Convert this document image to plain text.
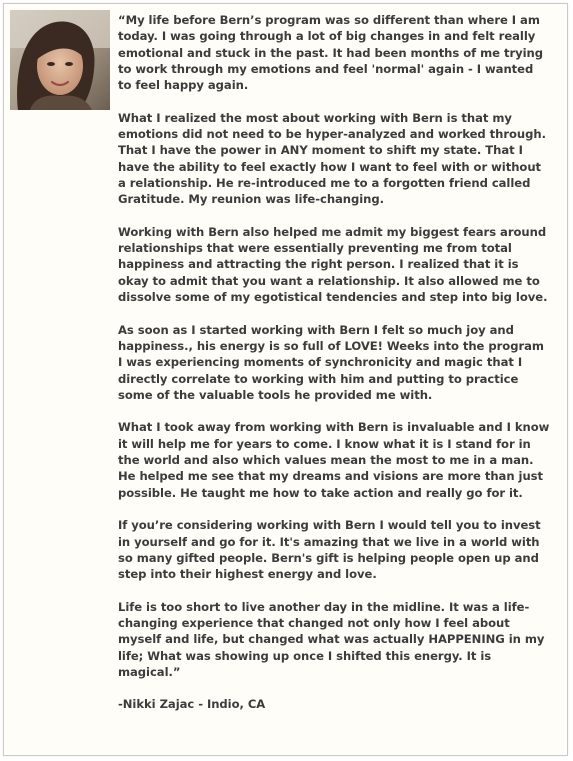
“My life before Bern’s program was so different than where I am today. I was going through a lot of big changes in and felt really emotional and stuck in the past. It had been months of me trying to work through my emotions and feel 'normal' again - I wanted to feel happy again.

What I realized the most about working with Bern is that my emotions did not need to be hyper-analyzed and worked through. That I have the power in ANY moment to shift my state. That I have the ability to feel exactly how I want to feel with or without a relationship. He re-introduced me to a forgotten friend called Gratitude. My reunion was life-changing.

Working with Bern also helped me admit my biggest fears around relationships that were essentially preventing me from total happiness and attracting the right person. I realized that it is okay to admit that you want a relationship. It also allowed me to dissolve some of my egotistical tendencies and step into big love.

As soon as I started working with Bern I felt so much joy and happiness., his energy is so full of LOVE! Weeks into the program I was experiencing moments of synchronicity and magic that I directly correlate to working with him and putting to practice some of the valuable tools he provided me with.

What I took away from working with Bern is invaluable and I know it will help me for years to come. I know what it is I stand for in the world and also which values mean the most to me in a man. He helped me see that my dreams and visions are more than just possible. He taught me how to take action and really go for it.

If you’re considering working with Bern I would tell you to invest in yourself and go for it. It's amazing that we live in a world with so many gifted people. Bern's gift is helping people open up and step into their highest energy and love.

Life is too short to live another day in the midline. It was a life-changing experience that changed not only how I feel about myself and life, but changed what was actually HAPPENING in my life; What was showing up once I shifted this energy. It is magical.”

-Nikki Zajac - Indio, CA
